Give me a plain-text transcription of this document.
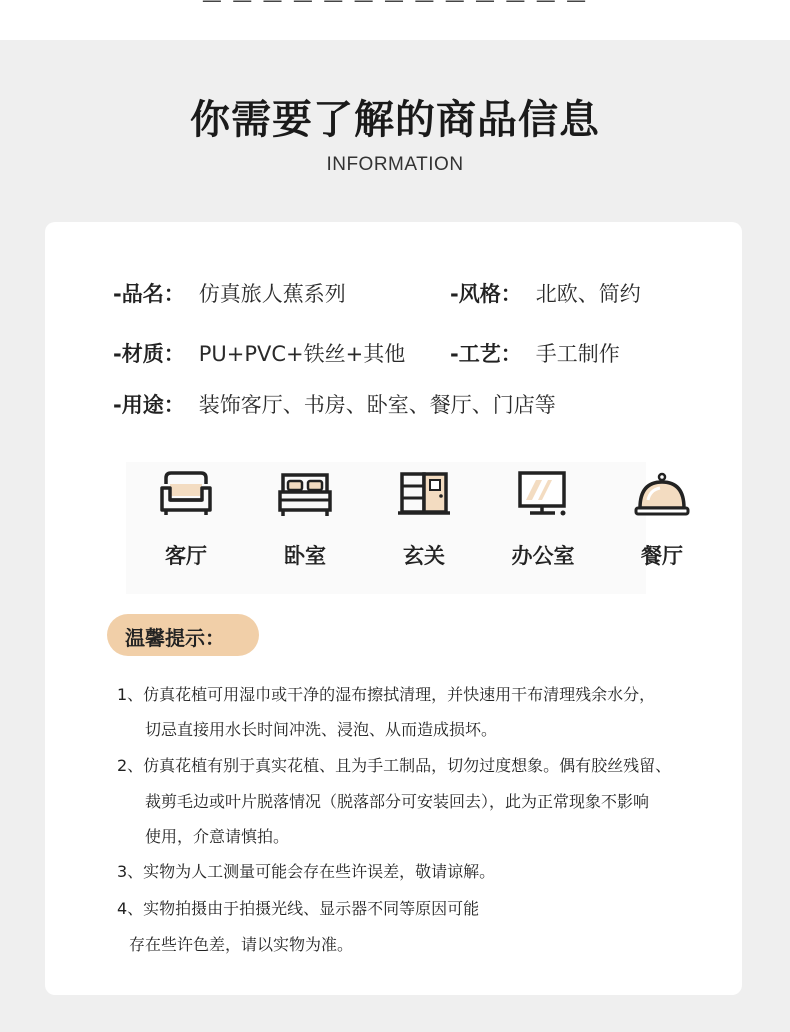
— — — — — — — — — — — — —
你需要了解的商品信息

INFORMATION

-品名： 仿真旅人蕉系列	-风格： 北欧、简约
-材质： PU+PVC+铁丝+其他 -工艺： 手工制作
-用途： 装饰客厅、书房、卧室、餐厅、门店等
客厅	卧室	玄关	办公室	餐厅
温馨提示：
1、仿真花植可用湿巾或干净的湿布擦拭清理，并快速用干布清理残余水分，
切忌直接用水长时间冲洗、浸泡、从而造成损坏。
2、仿真花植有别于真实花植、且为手工制品，切勿过度想象。偶有胶丝残留、
裁剪毛边或叶片脱落情况（脱落部分可安装回去），此为正常现象不影响
使用，介意请慎拍。
3、实物为人工测量可能会存在些许误差，敬请谅解。
4、实物拍摄由于拍摄光线、显示器不同等原因可能
存在些许色差，请以实物为准。
